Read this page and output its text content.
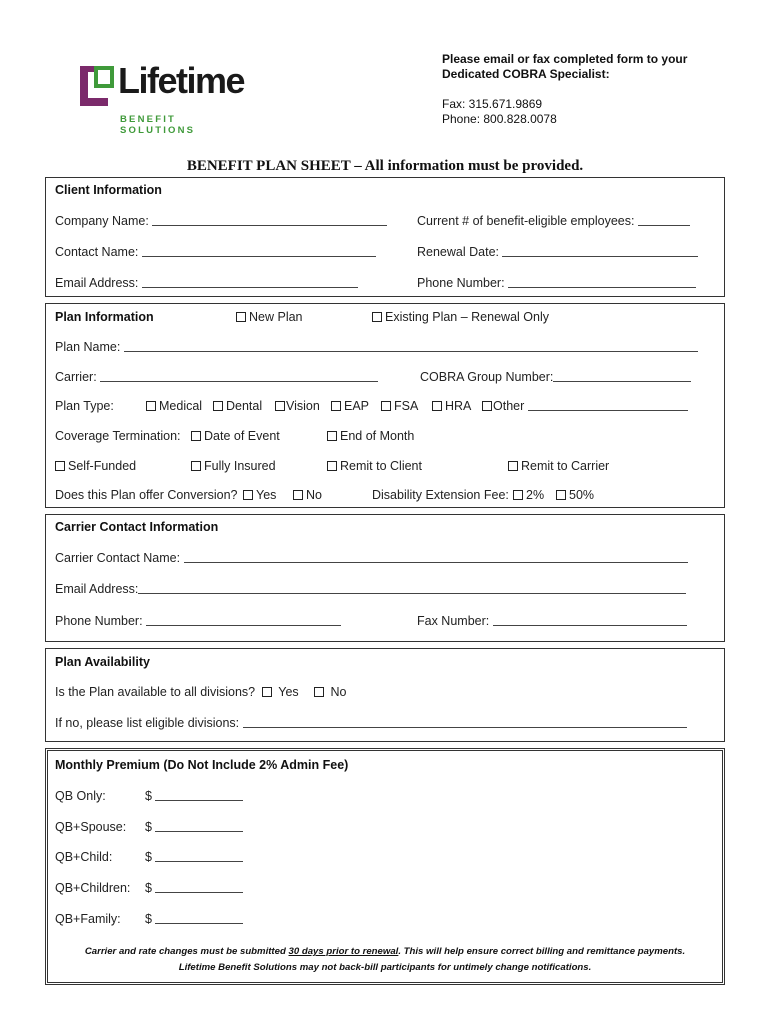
Lifetime
BENEFIT SOLUTIONS
Please email or fax completed form to your
Dedicated COBRA Specialist:
Fax: 315.671.9869
Phone: 800.828.0078
BENEFIT PLAN SHEET – All information must be provided.
Client Information
Company Name:	Current # of benefit-eligible employees:
Contact Name:	Renewal Date:
Email Address:	Phone Number:
Plan Information	New Plan	Existing Plan – Renewal Only
Plan Name:
Carrier:	COBRA Group Number:
Plan Type:	Medical	Dental	Vision	EAP	FSA	HRA	Other
Coverage Termination:	Date of Event	End of Month
Self-Funded	Fully Insured	Remit to Client	Remit to Carrier
Does this Plan offer Conversion?	Yes	No	Disability Extension Fee:	2%	50%
Carrier Contact Information
Carrier Contact Name:
Email Address:
Phone Number:	Fax Number:
Plan Availability
Is the Plan available to all divisions?	Yes	No
If no, please list eligible divisions:
Monthly Premium (Do Not Include 2% Admin Fee)
QB Only:	$
QB+Spouse: $
QB+Child:	$
QB+Children: $
QB+Family: $
Carrier and rate changes must be submitted 30 days prior to renewal. This will help ensure correct billing and remittance payments.
Lifetime Benefit Solutions may not back-bill participants for untimely change notifications.
